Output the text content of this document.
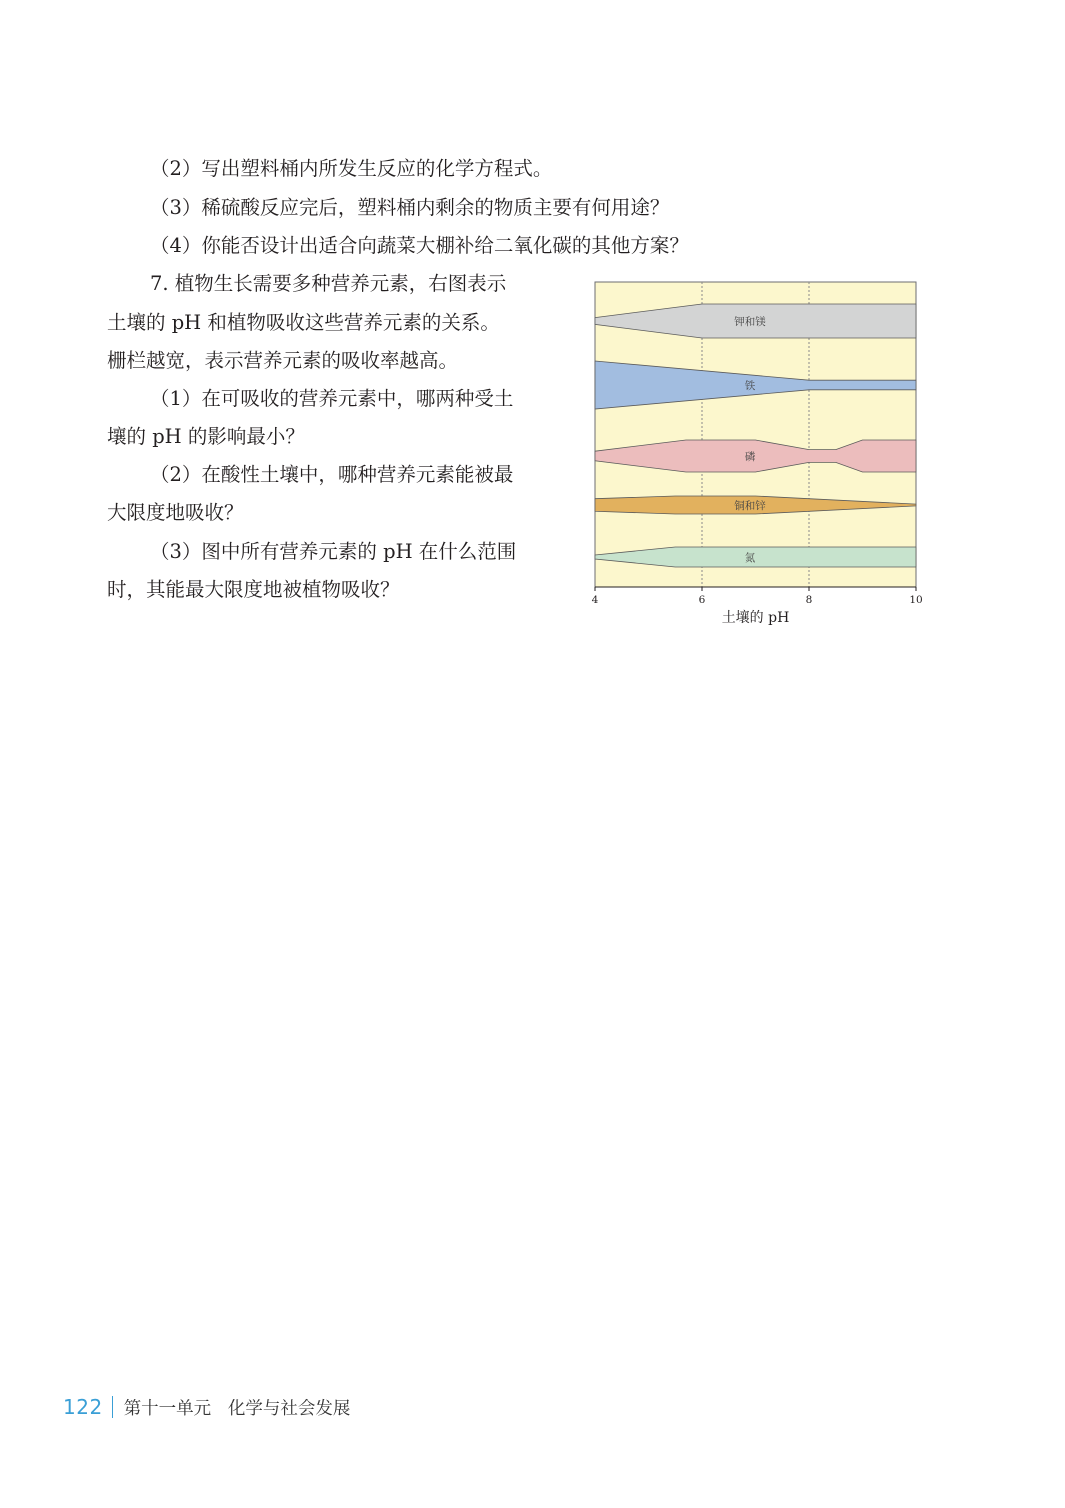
（2）写出塑料桶内所发生反应的化学方程式。
（3）稀硫酸反应完后，塑料桶内剩余的物质主要有何用途？
（4）你能否设计出适合向蔬菜大棚补给二氧化碳的其他方案？
7. 植物生长需要多种营养元素，右图表示
土壤的 pH 和植物吸收这些营养元素的关系。
栅栏越宽，表示营养元素的吸收率越高。
（1）在可吸收的营养元素中，哪两种受土
壤的 pH 的影响最小？
（2）在酸性土壤中，哪种营养元素能被最
大限度地吸收？
（3）图中所有营养元素的 pH 在什么范围
时，其能最大限度地被植物吸收？
钾和镁
铁
磷
铜和锌
氮
4	6	8	10
土壤的 pH
122 第十一单元   化学与社会发展
